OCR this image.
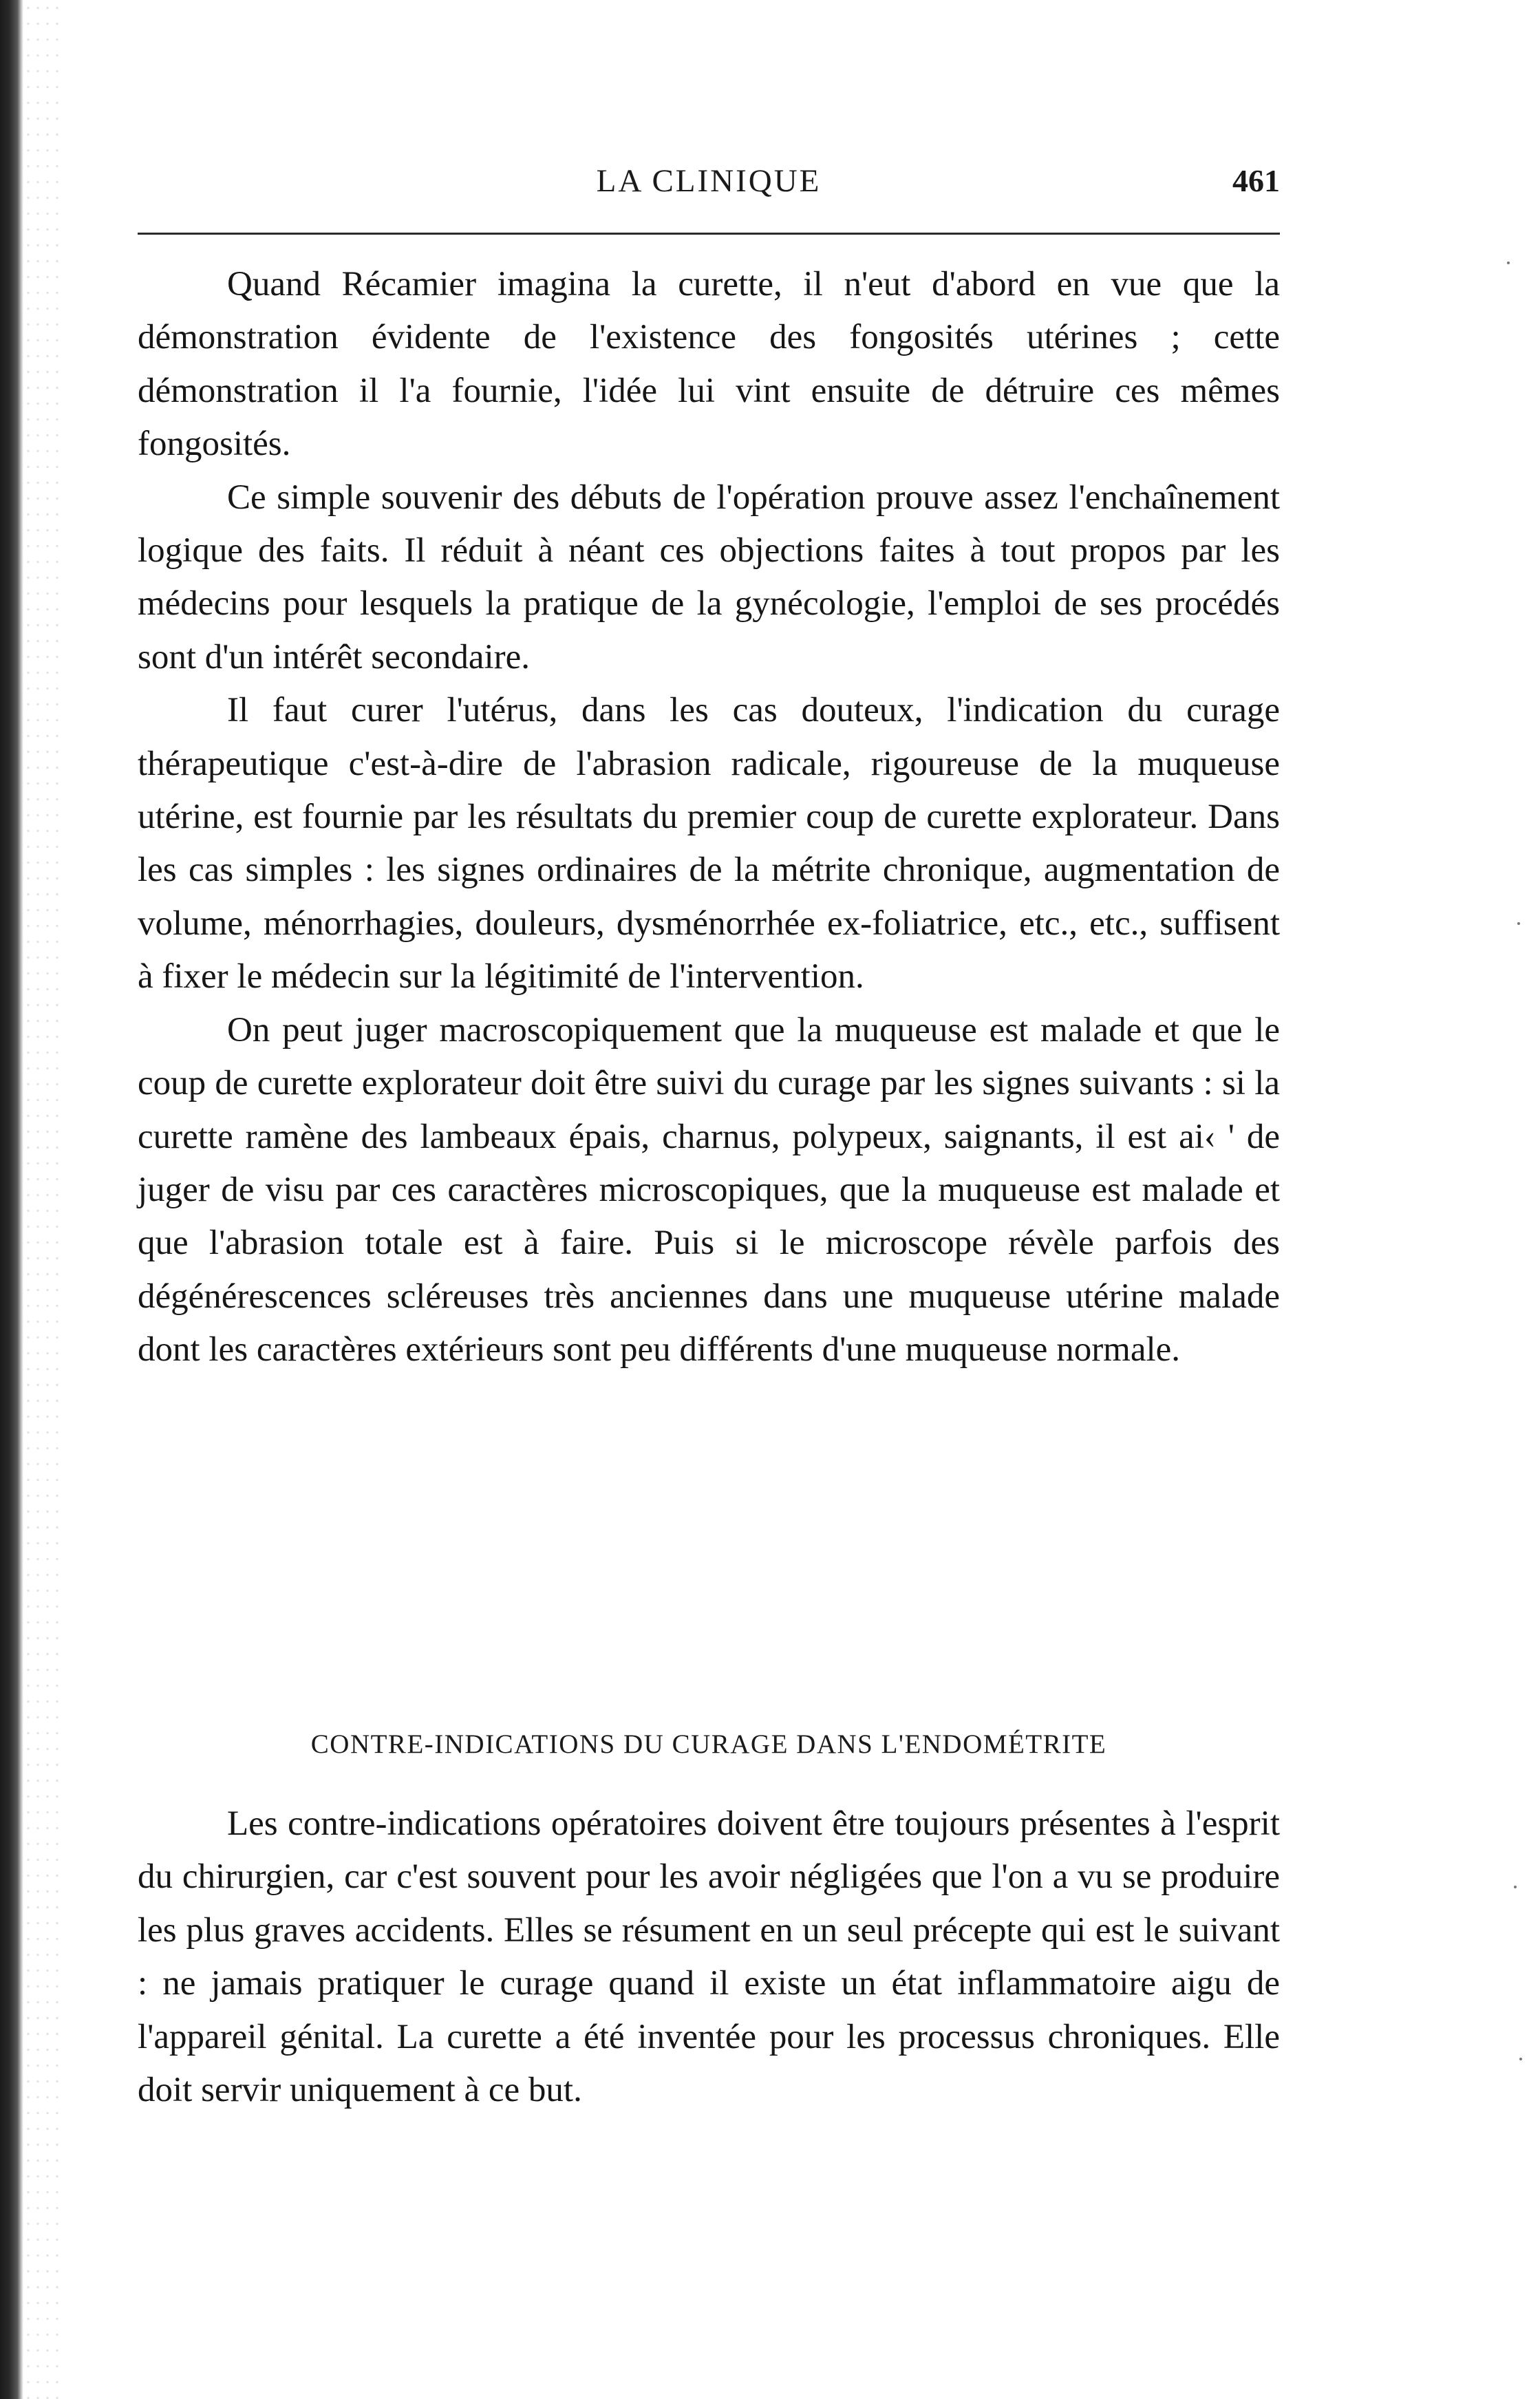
LA CLINIQUE	461

Quand Récamier imagina la curette, il n'eut d'abord en vue que la démonstration évidente de l'existence des fongosités utérines ; cette démonstration il l'a fournie, l'idée lui vint ensuite de détruire ces mêmes fongosités.

Ce simple souvenir des débuts de l'opération prouve assez l'enchaînement logique des faits. Il réduit à néant ces objections faites à tout propos par les médecins pour lesquels la pratique de la gynécologie, l'emploi de ses procédés sont d'un intérêt secondaire.

Il faut curer l'utérus, dans les cas douteux, l'indication du curage thérapeutique c'est-à-dire de l'abrasion radicale, rigoureuse de la muqueuse utérine, est fournie par les résultats du premier coup de curette explorateur. Dans les cas simples : les signes ordinaires de la métrite chronique, augmentation de volume, ménorrhagies, douleurs, dysménorrhée ex-foliatrice, etc., etc., suffisent à fixer le médecin sur la légitimité de l'intervention.

On peut juger macroscopiquement que la muqueuse est malade et que le coup de curette explorateur doit être suivi du curage par les signes suivants : si la curette ramène des lambeaux épais, charnus, polypeux, saignants, il est ai‹ ' de juger de visu par ces caractères microscopiques, que la muqueuse est malade et que l'abrasion totale est à faire. Puis si le microscope révèle parfois des dégénérescences scléreuses très anciennes dans une muqueuse utérine malade dont les caractères extérieurs sont peu différents d'une muqueuse normale.

CONTRE-INDICATIONS DU CURAGE DANS L'ENDOMÉTRITE

Les contre-indications opératoires doivent être toujours présentes à l'esprit du chirurgien, car c'est souvent pour les avoir négligées que l'on a vu se produire les plus graves accidents. Elles se résument en un seul précepte qui est le suivant : ne jamais pratiquer le curage quand il existe un état inflammatoire aigu de l'appareil génital. La curette a été inventée pour les processus chroniques. Elle doit servir uniquement à ce but.
